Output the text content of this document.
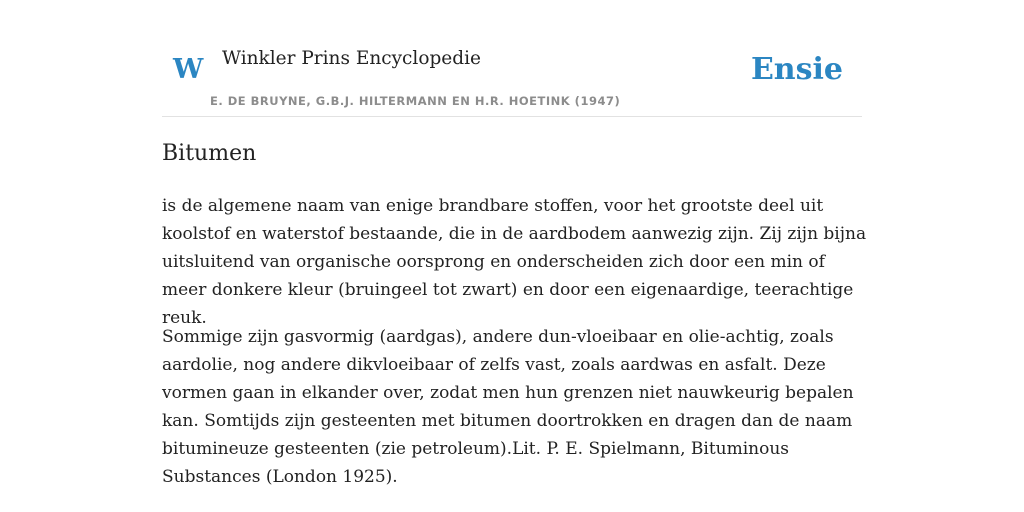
W Winkler Prins Encyclopedie
E. DE BRUYNE, G.B.J. HILTERMANN EN H.R. HOETINK (1947)
Ensie
Bitumen

is de algemene naam van enige brandbare stoffen, voor het grootste deel uit koolstof en waterstof bestaande, die in de aardbodem aanwezig zijn. Zij zijn bijna uitsluitend van organische oorsprong en onderscheiden zich door een min of meer donkere kleur (bruingeel tot zwart) en door een eigenaardige, teerachtige reuk.

Sommige zijn gasvormig (aardgas), andere dun-vloeibaar en olie-achtig, zoals aardolie, nog andere dikvloeibaar of zelfs vast, zoals aardwas en asfalt. Deze vormen gaan in elkander over, zodat men hun grenzen niet nauwkeurig bepalen kan. Somtijds zijn gesteenten met bitumen doortrokken en dragen dan de naam bitumineuze gesteenten (zie petroleum).Lit. P. E. Spielmann, Bituminous Substances (London 1925).
